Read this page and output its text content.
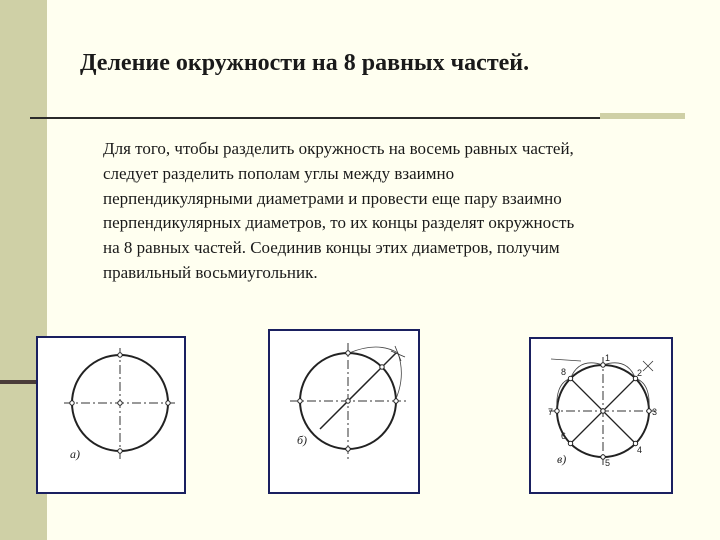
Деление окружности на 8 равных частей.
Для того, чтобы разделить окружность на восемь равных частей,
следует разделить пополам углы между взаимно
перпендикулярными диаметрами и провести еще пару взаимно
перпендикулярных диаметров, то их концы разделят окружность
на 8 равных частей. Соединив концы этих диаметров, получим
правильный восьмиугольник.
а)
б)
1
2
3
4
5
6
7
8
в)
